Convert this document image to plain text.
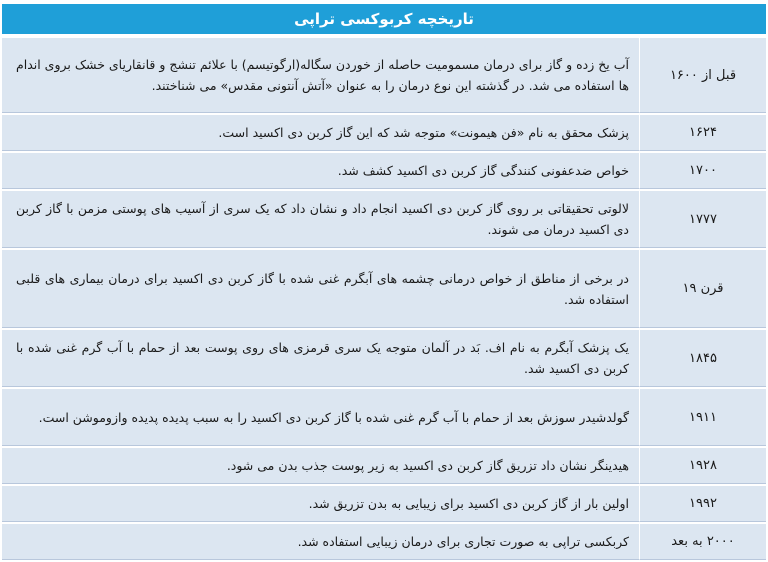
تاریخچه کربوکسی تراپی
قبل از ۱۶۰۰	آب یخ زده و گاز برای درمان مسمومیت حاصله از خوردن سگاله(ارگوتیسم) با علائم تنشج و قانقاریای خشک بروی اندام ها استفاده می شد. در گذشته این نوع درمان را به عنوان «آتش آنتونی مقدس» می شناختند.
۱۶۲۴	پزشک محقق به نام «فن هیمونت» متوجه شد که این گاز کربن دی اکسید است.
۱۷۰۰	خواص ضدعفونی کنندگی گاز کربن دی اکسید کشف شد.
۱۷۷۷	لالوتی تحقیقاتی بر روی گاز کربن دی اکسید انجام داد و نشان داد که یک سری از آسیب های پوستی مزمن با گاز کربن دی اکسید درمان می شوند.
قرن ۱۹	در برخی از مناطق از خواص درمانی چشمه های آبگرم غنی شده با گاز کربن دی اکسید برای درمان بیماری های قلبی استفاده شد.
۱۸۴۵	یک پزشک آبگرم به نام اف. بَد در آلمان متوجه یک سری قرمزی های روی پوست بعد از حمام با آب گرم غنی شده با کربن دی اکسید شد.
۱۹۱۱	گولدشیدر سوزش بعد از حمام با آب گرم غنی شده با گاز کربن دی اکسید را به سبب پدیده پدیده وازوموشن است.
۱۹۲۸	هیدینگر نشان داد تزریق گاز کربن دی اکسید به زیر پوست جذب بدن می شود.
۱۹۹۲	اولین بار از گاز کربن دی اکسید برای زیبایی به بدن تزریق شد.
۲۰۰۰ به بعد	کربکسی تراپی به صورت تجاری برای درمان زیبایی استفاده شد.
